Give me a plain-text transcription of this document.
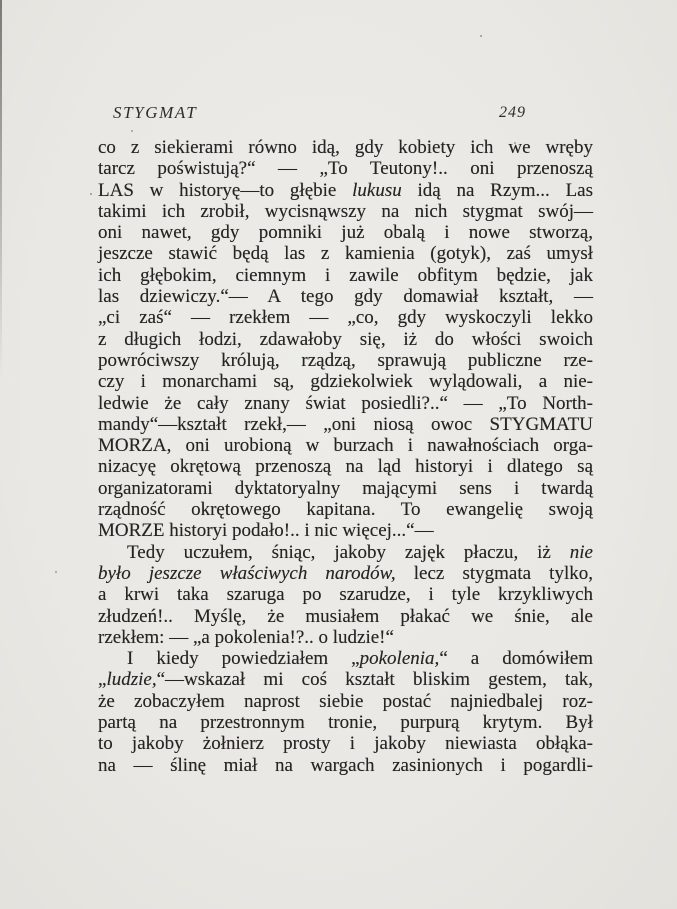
STYGMAT	249
co z siekierami równo idą, gdy kobiety ich we wręby
tarcz poświstują?“ — „To Teutony!.. oni przenoszą
LAS w historyę—to głębie lukusu idą na Rzym... Las
takimi ich zrobił, wycisnąwszy na nich stygmat swój—
oni nawet, gdy pomniki już obalą i nowe stworzą,
jeszcze stawić będą las z kamienia (gotyk), zaś umysł
ich głębokim, ciemnym i zawile obfitym będzie, jak
las dziewiczy.“— A tego gdy domawiał kształt, —
„ci zaś“ — rzekłem — „co, gdy wyskoczyli lekko
z długich łodzi, zdawałoby się, iż do włości swoich
powróciwszy królują, rządzą, sprawują publiczne rze-
czy i monarchami są, gdziekolwiek wylądowali, a nie-
ledwie że cały znany świat posiedli?..“ — „To North-
mandy“—kształt rzekł,— „oni niosą owoc STYGMATU
MORZA, oni urobioną w burzach i nawałnościach orga-
nizacyę okrętową przenoszą na ląd historyi i dlatego są
organizatorami dyktatoryalny mającymi sens i twardą
rządność okrętowego kapitana. To ewangelię swoją
MORZE historyi podało!.. i nic więcej...“—
Tedy uczułem, śniąc, jakoby zajęk płaczu, iż nie
było jeszcze właściwych narodów, lecz stygmata tylko,
a krwi taka szaruga po szarudze, i tyle krzykliwych
złudzeń!.. Myślę, że musiałem płakać we śnie, ale
rzekłem: — „a pokolenia!?.. o ludzie!“
I kiedy powiedziałem „pokolenia,“ a domówiłem
„ludzie,“—wskazał mi coś kształt bliskim gestem, tak,
że zobaczyłem naprost siebie postać najniedbalej roz-
partą na przestronnym tronie, purpurą krytym. Był
to jakoby żołnierz prosty i jakoby niewiasta obłąka-
na — ślinę miał na wargach zasinionych i pogardli-
